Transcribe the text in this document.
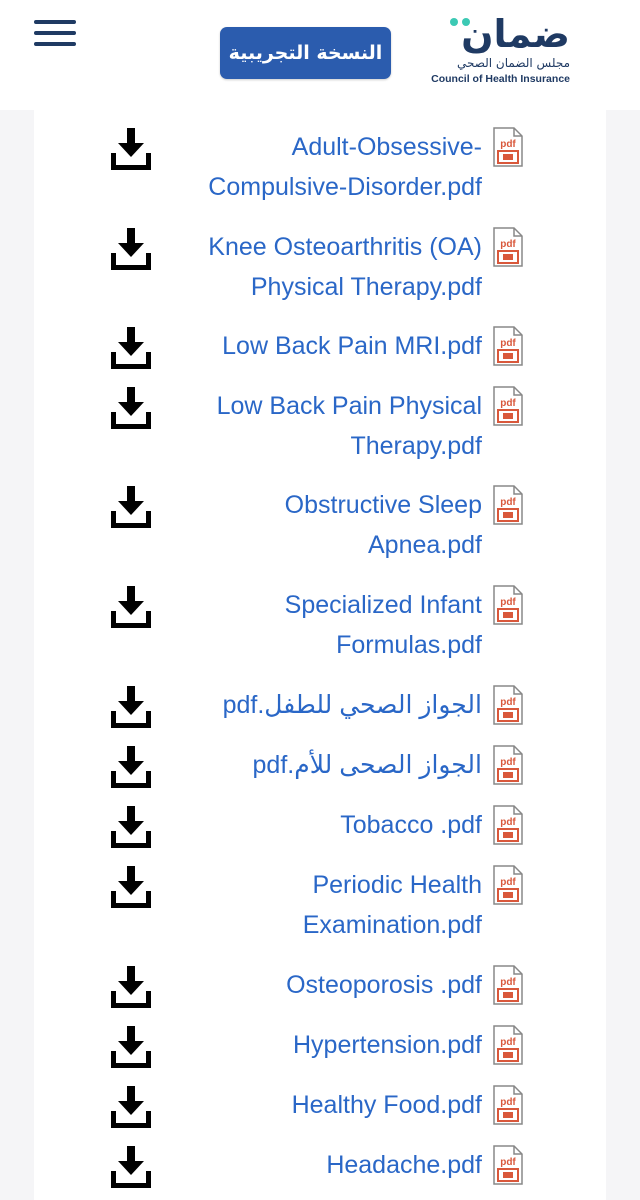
النسخة التجريبية ضمان
مجلس الضمان الصحي
Council of Health Insurance
Adult-Obsessive-
Compulsive-Disorder.pdf
pdf
Knee Osteoarthritis (OA)
Physical Therapy.pdf
pdf
Low Back Pain MRI.pdf pdf
Low Back Pain Physical
Therapy.pdf
pdf
Obstructive Sleep
Apnea.pdf
pdf
Specialized Infant
Formulas.pdf
pdf
الجواز الصحي للطفل.pdf pdf
الجواز الصحى للأم.pdf pdf
Tobacco .pdf pdf
Periodic Health
Examination.pdf
pdf
Osteoporosis .pdf pdf
Hypertension.pdf pdf
Healthy Food.pdf pdf
Headache.pdf pdf
